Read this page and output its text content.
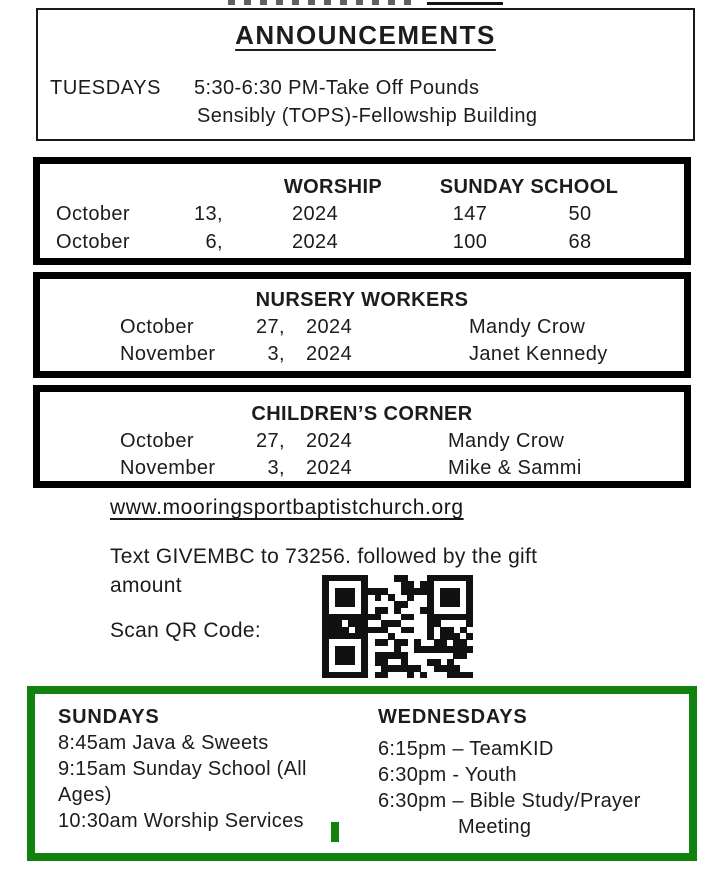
ANNOUNCEMENTS
TUESDAYS 5:30-6:30 PM-Take Off Pounds
Sensibly (TOPS)-Fellowship Building
WORSHIP	SUNDAY SCHOOL
October	13,	2024	147	50
October	6,	2024	100	68
NURSERY WORKERS
October	27, 2024	Mandy Crow
November	3, 2024	Janet Kennedy
CHILDREN’S CORNER
October	27, 2024	Mandy Crow
November	3, 2024	Mike & Sammi
www.mooringsportbaptistchurch.org
Text GIVEMBC to 73256. followed by the gift
amount
Scan QR Code:
SUNDAYS
8:45am Java & Sweets
9:15am Sunday School (All
Ages)
10:30am Worship Services
WEDNESDAYS
6:15pm – TeamKID
6:30pm - Youth
6:30pm – Bible Study/Prayer
Meeting
